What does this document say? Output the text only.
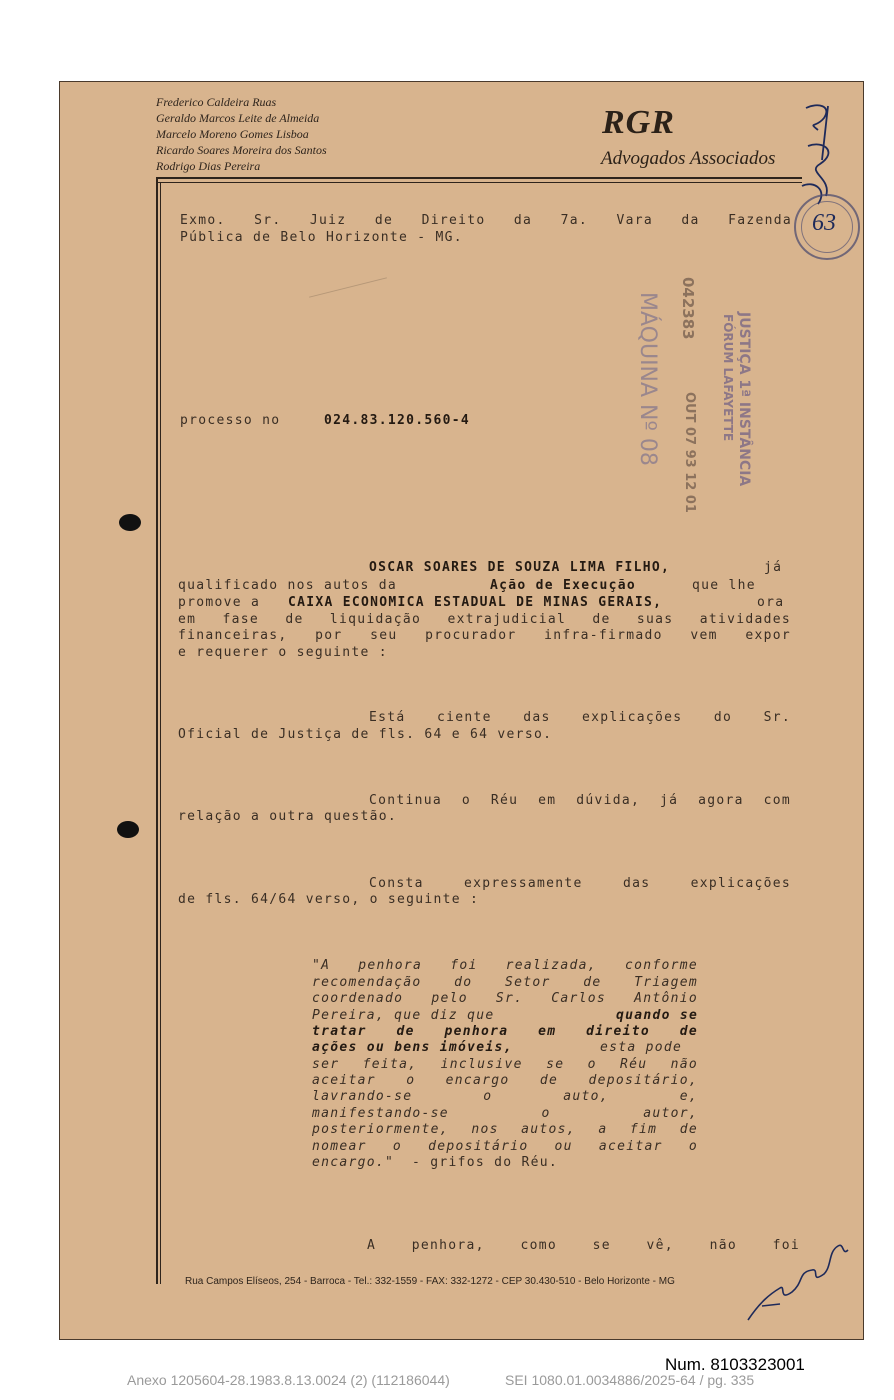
Frederico Caldeira Ruas
Geraldo Marcos Leite de Almeida
Marcelo Moreno Gomes Lisboa
Ricardo Soares Moreira dos Santos
Rodrigo Dias Pereira
RGR
Advogados Associados
63
JUSTIÇA 1ª INSTÂNCIA
FÓRUM LAFAYETTE
042383
OUT 07 93 12 01
MÁQUINA Nº 08
Exmo. Sr. Juiz de Direito da 7a. Vara da Fazenda
Pública de Belo Horizonte - MG.
processo no	024.83.120.560-4
OSCAR SOARES DE SOUZA LIMA FILHO,	já
qualificado nos autos da	Ação de Execução	que lhe
promove a CAIXA ECONOMICA ESTADUAL DE MINAS GERAIS,	ora
em fase de liquidação extrajudicial de suas atividades
financeiras, por seu procurador infra-firmado vem expor
e requerer o seguinte :
Está ciente das explicações do Sr.
Oficial de Justiça de fls. 64 e 64 verso.
Continua o Réu em dúvida, já agora com
relação a outra questão.
Consta expressamente das explicações
de fls. 64/64 verso, o seguinte :
"A penhora foi realizada, conforme
recomendação do Setor de Triagem
coordenado pelo Sr. Carlos Antônio
Pereira, que diz que	quando se
tratar de penhora em direito de
ações ou bens imóveis,	esta pode
ser feita, inclusive se o Réu não
aceitar o encargo de depositário,
lavrando-se o auto, e,
manifestando-se o autor,
posteriormente, nos autos, a fim de
nomear o depositário ou aceitar o
encargo." - grifos do Réu.
A penhora, como se vê, não foi
Rua Campos Elíseos, 254 - Barroca - Tel.: 332-1559 - FAX: 332-1272 - CEP 30.430-510 - Belo Horizonte - MG
Num. 8103323001
Anexo 1205604-28.1983.8.13.0024 (2) (112186044)	SEI 1080.01.0034886/2025-64 / pg. 335
